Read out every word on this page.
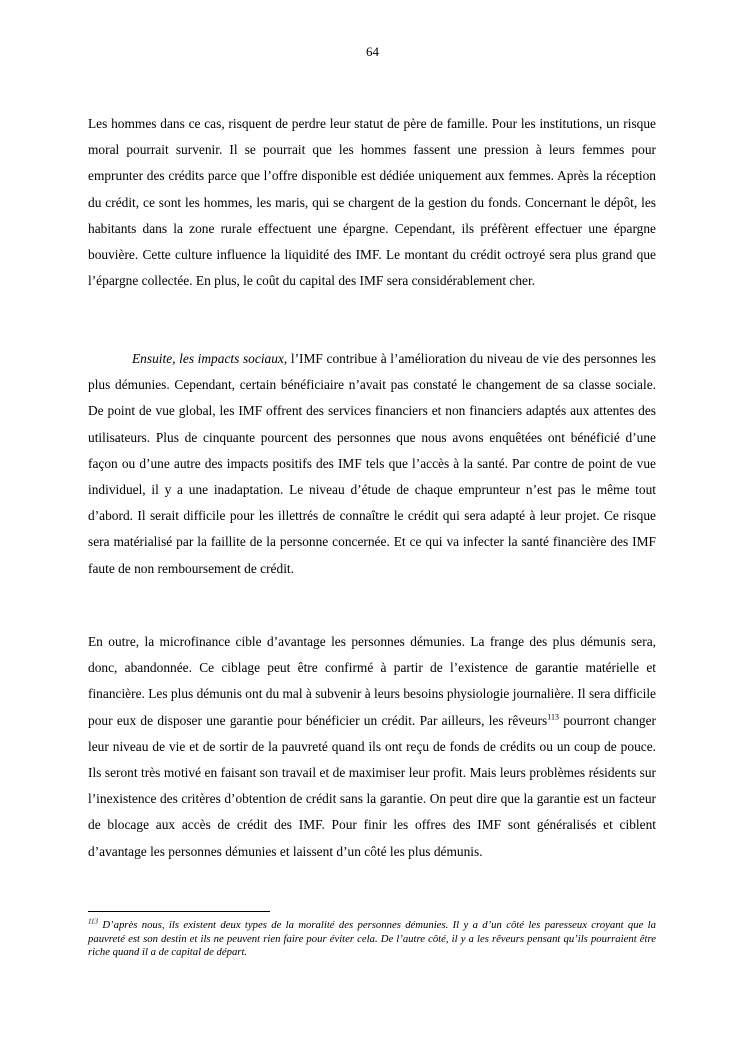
64

Les hommes dans ce cas, risquent de perdre leur statut de père de famille. Pour les institutions, un risque moral pourrait survenir. Il se pourrait que les hommes fassent une pression à leurs femmes pour emprunter des crédits parce que l’offre disponible est dédiée uniquement aux femmes. Après la réception du crédit, ce sont les hommes, les maris, qui se chargent de la gestion du fonds. Concernant le dépôt, les habitants dans la zone rurale effectuent une épargne. Cependant, ils préfèrent effectuer une épargne bouvière. Cette culture influence la liquidité des IMF. Le montant du crédit octroyé sera plus grand que l’épargne collectée. En plus, le coût du capital des IMF sera considérablement cher.

Ensuite, les impacts sociaux, l’IMF contribue à l’amélioration du niveau de vie des personnes les plus démunies. Cependant, certain bénéficiaire n’avait pas constaté le changement de sa classe sociale. De point de vue global, les IMF offrent des services financiers et non financiers adaptés aux attentes des utilisateurs. Plus de cinquante pourcent des personnes que nous avons enquêtées ont bénéficié d’une façon ou d’une autre des impacts positifs des IMF tels que l’accès à la santé. Par contre de point de vue individuel, il y a une inadaptation. Le niveau d’étude de chaque emprunteur n’est pas le même tout d’abord. Il serait difficile pour les illettrés de connaître le crédit qui sera adapté à leur projet. Ce risque sera matérialisé par la faillite de la personne concernée. Et ce qui va infecter la santé financière des IMF faute de non remboursement de crédit.

En outre, la microfinance cible d’avantage les personnes démunies. La frange des plus démunis sera, donc, abandonnée. Ce ciblage peut être confirmé à partir de l’existence de garantie matérielle et financière. Les plus démunis ont du mal à subvenir à leurs besoins physiologie journalière. Il sera difficile pour eux de disposer une garantie pour bénéficier un crédit. Par ailleurs, les rêveurs$^{113}$ pourront changer leur niveau de vie et de sortir de la pauvreté quand ils ont reçu de fonds de crédits ou un coup de pouce. Ils seront très motivé en faisant son travail et de maximiser leur profit. Mais leurs problèmes résidents sur l’inexistence des critères d’obtention de crédit sans la garantie. On peut dire que la garantie est un facteur de blocage aux accès de crédit des IMF. Pour finir les offres des IMF sont généralisés et ciblent d’avantage les personnes démunies et laissent d’un côté les plus démunis.

$^{113}$ D’après nous, ils existent deux types de la moralité des personnes démunies. Il y a d’un côté les paresseux croyant que la pauvreté est son destin et ils ne peuvent rien faire pour éviter cela. De l’autre côté, il y a les rêveurs pensant qu’ils pourraient être riche quand il a de capital de départ.
